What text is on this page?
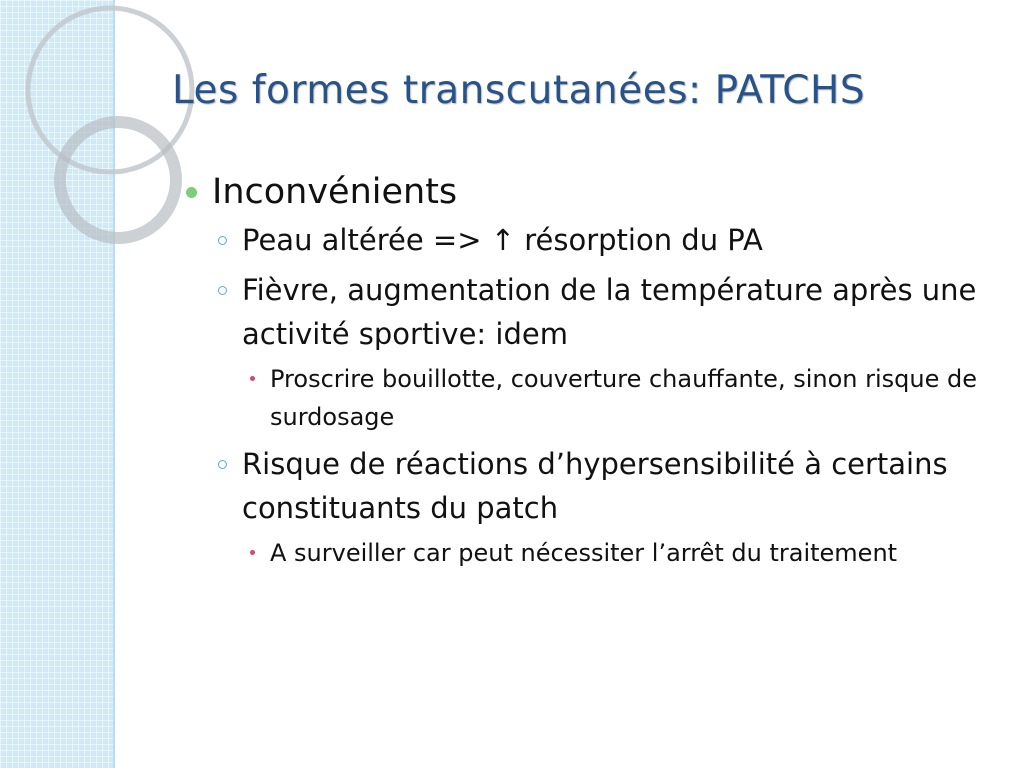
Les formes transcutanées: PATCHS
Inconvénients
Peau altérée => ↑ résorption du PA
Fièvre, augmentation de la température après une activité sportive: idem
Proscrire bouillotte, couverture chauffante, sinon risque de surdosage
Risque de réactions d’hypersensibilité à certains constituants du patch
A surveiller car peut nécessiter l’arrêt du traitement
